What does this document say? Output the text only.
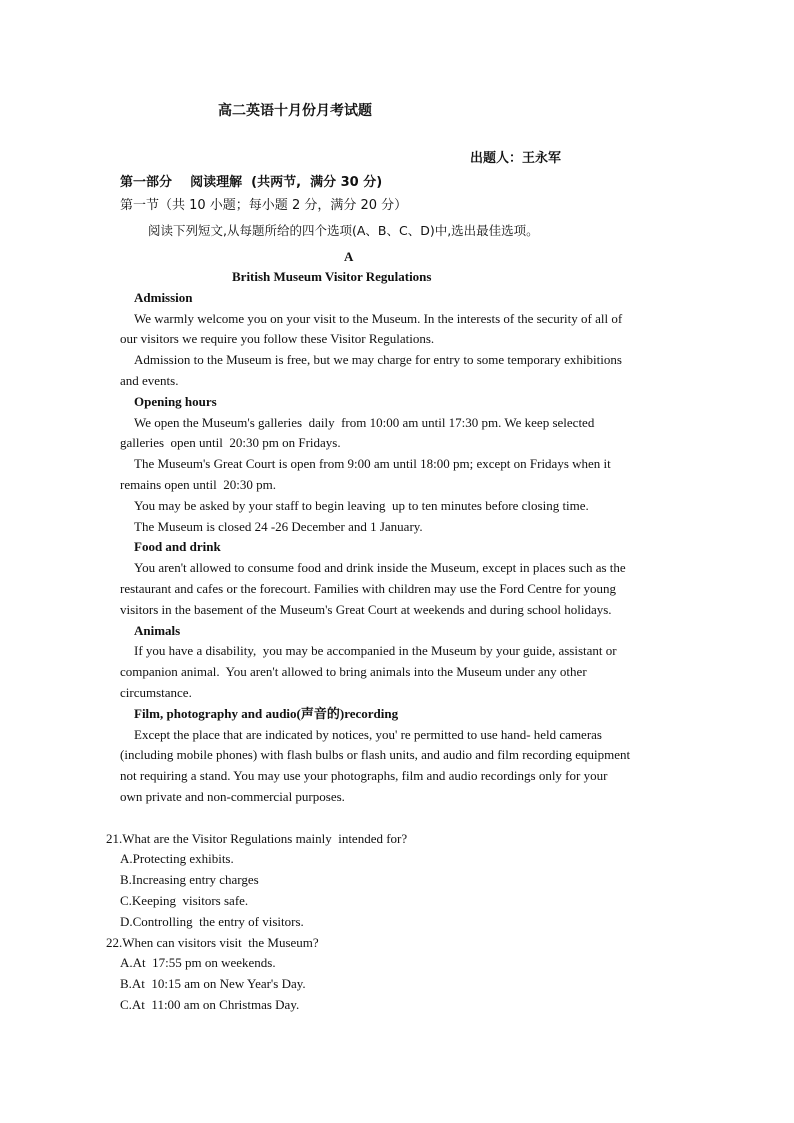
高二英语十月份月考试题
出题人：王永军
第一部分    阅读理解  (共两节,  满分 30 分)
第一节（共 10 小题；每小题 2 分，满分 20 分）
阅读下列短文,从每题所给的四个选项(A、B、C、D)中,选出最佳选项。
A
British Museum Visitor Regulations
Admission
We warmly welcome you on your visit to the Museum. In the interests of the security of all of
our visitors we require you follow these Visitor Regulations.
Admission to the Museum is free, but we may charge for entry to some temporary exhibitions
and events.
Opening hours
We open the Museum's galleries  daily  from 10:00 am until 17:30 pm. We keep selected
galleries  open until  20:30 pm on Fridays.
The Museum's Great Court is open from 9:00 am until 18:00 pm; except on Fridays when it
remains open until  20:30 pm.
You may be asked by your staff to begin leaving  up to ten minutes before closing time.
The Museum is closed 24 -26 December and 1 January.
Food and drink
You aren't allowed to consume food and drink inside the Museum, except in places such as the
restaurant and cafes or the forecourt. Families with children may use the Ford Centre for young
visitors in the basement of the Museum's Great Court at weekends and during school holidays.
Animals
If you have a disability,  you may be accompanied in the Museum by your guide, assistant or
companion animal.  You aren't allowed to bring animals into the Museum under any other
circumstance.
Film, photography and audio(声音的)recording
Except the place that are indicated by notices, you' re permitted to use hand- held cameras
(including mobile phones) with flash bulbs or flash units, and audio and film recording equipment
not requiring a stand. You may use your photographs, film and audio recordings only for your
own private and non-commercial purposes.
21.What are the Visitor Regulations mainly  intended for?
A.Protecting exhibits.
B.Increasing entry charges
C.Keeping  visitors safe.
D.Controlling  the entry of visitors.
22.When can visitors visit  the Museum?
A.At  17:55 pm on weekends.
B.At  10:15 am on New Year's Day.
C.At  11:00 am on Christmas Day.
